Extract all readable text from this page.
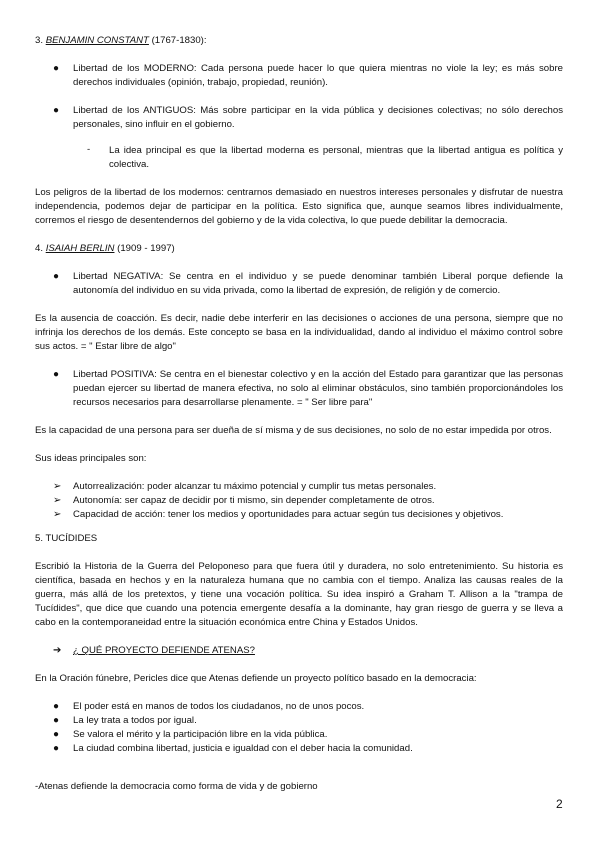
3. BENJAMIN CONSTANT (1767-1830):

●	Libertad de los MODERNO: Cada persona puede hacer lo que quiera mientras no viole la ley; es más sobre derechos individuales (opinión, trabajo, propiedad, reunión).
●	Libertad de los ANTIGUOS: Más sobre participar en la vida pública y decisiones colectivas; no sólo derechos personales, sino influir en el gobierno.
- La idea principal es que la libertad moderna es personal, mientras que la libertad antigua es política y colectiva.

Los peligros de la libertad de los modernos: centrarnos demasiado en nuestros intereses personales y disfrutar de nuestra independencia, podemos dejar de participar en la política. Esto significa que, aunque seamos libres individualmente, corremos el riesgo de desentendernos del gobierno y de la vida colectiva, lo que puede debilitar la democracia.

4. ISAIAH BERLIN (1909 - 1997)

●	Libertad NEGATIVA: Se centra en el individuo y se puede denominar también Liberal porque defiende la autonomía del individuo en su vida privada, como la libertad de expresión, de religión y de comercio.

Es la ausencia de coacción. Es decir, nadie debe interferir en las decisiones o acciones de una persona, siempre que no infrinja los derechos de los demás. Este concepto se basa en la individualidad, dando al individuo el máximo control sobre sus actos. = " Estar libre de algo"

●	Libertad POSITIVA: Se centra en el bienestar colectivo y en la acción del Estado para garantizar que las personas puedan ejercer su libertad de manera efectiva, no solo al eliminar obstáculos, sino también proporcionándoles los recursos necesarios para desarrollarse plenamente. = " Ser libre para"

Es la capacidad de una persona para ser dueña de sí misma y de sus decisiones, no solo de no estar impedida por otros.

Sus ideas principales son:

➢	Autorrealización: poder alcanzar tu máximo potencial y cumplir tus metas personales.
➢	Autonomía: ser capaz de decidir por ti mismo, sin depender completamente de otros.
➢	Capacidad de acción: tener los medios y oportunidades para actuar según tus decisiones y objetivos.

5. TUCÍDIDES

Escribió la Historia de la Guerra del Peloponeso para que fuera útil y duradera, no solo entretenimiento. Su historia es científica, basada en hechos y en la naturaleza humana que no cambia con el tiempo. Analiza las causas reales de la guerra, más allá de los pretextos, y tiene una vocación política. Su idea inspiró a Graham T. Allison a la "trampa de Tucídides", que dice que cuando una potencia emergente desafía a la dominante, hay gran riesgo de guerra y se lleva a cabo en la contemporaneidad entre la situación económica entre China y Estados Unidos.

➔	¿ QUÉ PROYECTO DEFIENDE ATENAS?

En la Oración fúnebre, Pericles dice que Atenas defiende un proyecto político basado en la democracia:

●	El poder está en manos de todos los ciudadanos, no de unos pocos.
●	La ley trata a todos por igual.
●	Se valora el mérito y la participación libre en la vida pública.
●	La ciudad combina libertad, justicia e igualdad con el deber hacia la comunidad.

-Atenas defiende la democracia como forma de vida y de gobierno

2
